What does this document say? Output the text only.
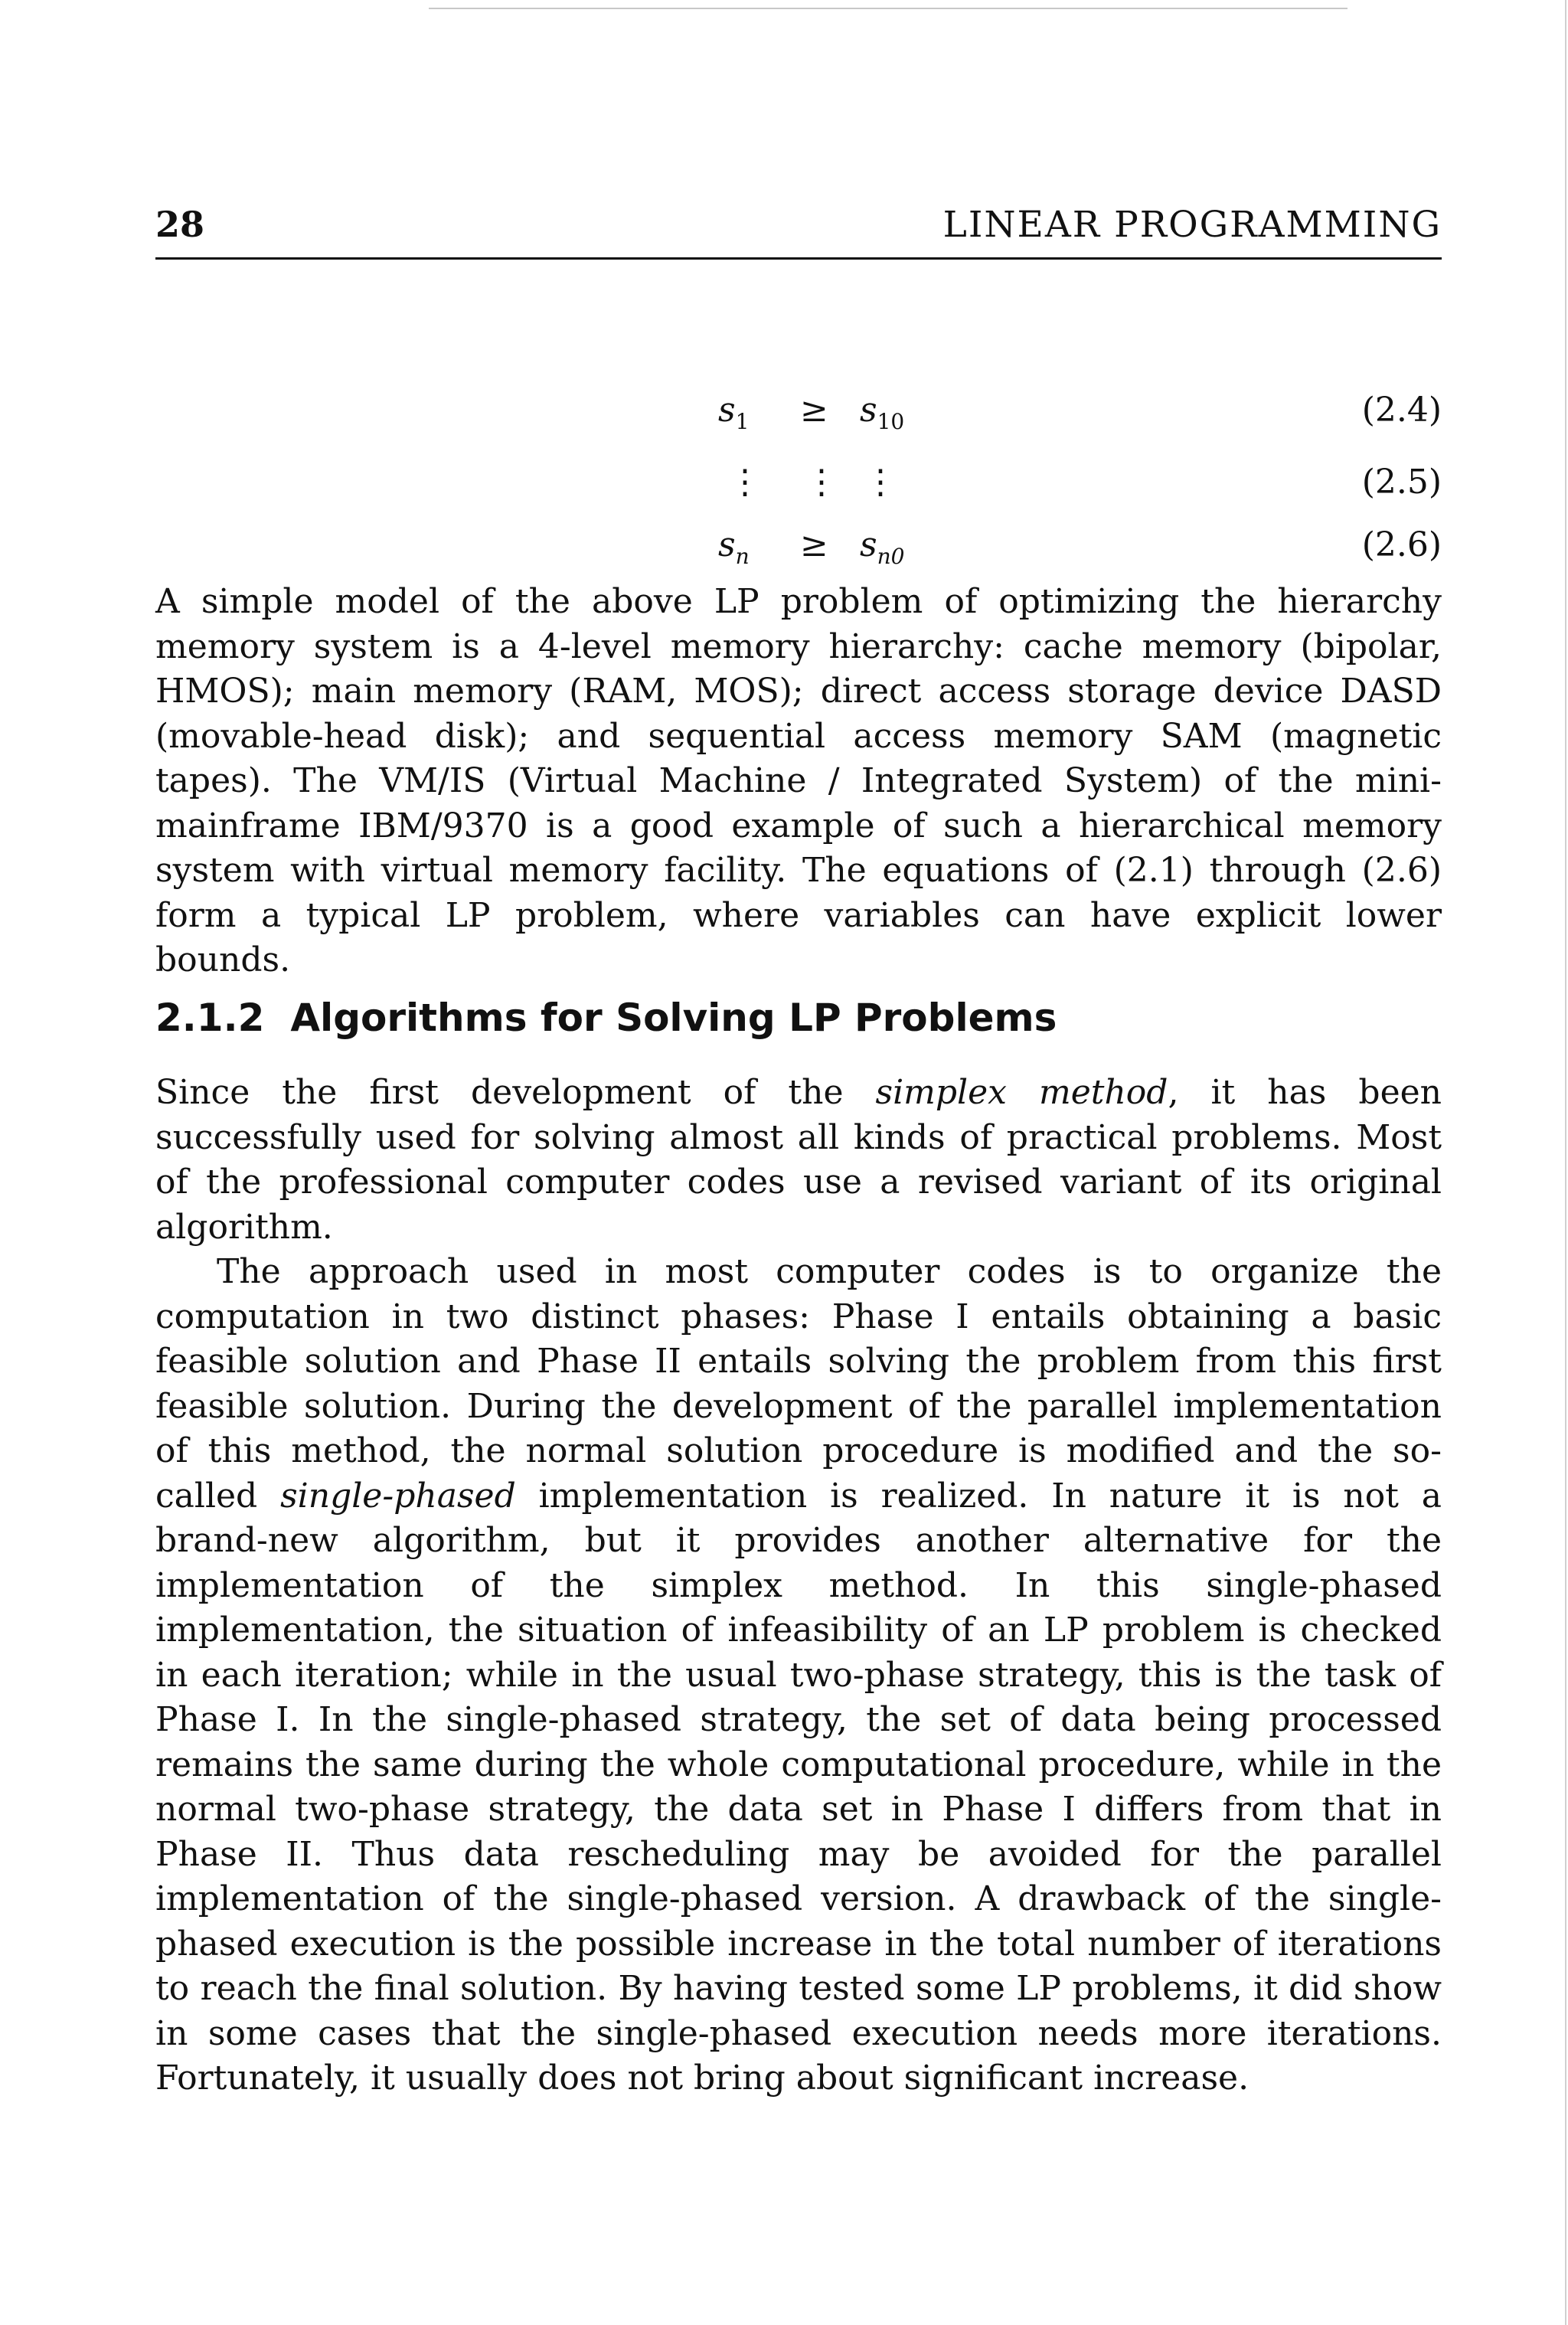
28	LINEAR PROGRAMMING
$s_1 \ge s_{10}$	(2.4)
⋮ ⋮ ⋮	(2.5)
$s_n \ge s_{n0}$	(2.6)

A simple model of the above LP problem of optimizing the hierarchy memory system is a 4-level memory hierarchy: cache memory (bipolar, HMOS); main memory (RAM, MOS); direct access storage device DASD (movable-head disk); and sequential access memory SAM (magnetic tapes). The VM/IS (Virtual Machine / Integrated System) of the mini-mainframe IBM/9370 is a good example of such a hierarchical memory system with virtual memory facility. The equations of (2.1) through (2.6) form a typical LP problem, where variables can have explicit lower bounds.

2.1.2 Algorithms for Solving LP Problems

Since the first development of the simplex method, it has been successfully used for solving almost all kinds of practical problems. Most of the professional computer codes use a revised variant of its original algorithm.

The approach used in most computer codes is to organize the computation in two distinct phases: Phase I entails obtaining a basic feasible solution and Phase II entails solving the problem from this first feasible solution. During the development of the parallel implementation of this method, the normal solution procedure is modified and the so-called single-phased implementation is realized. In nature it is not a brand-new algorithm, but it provides another alternative for the implementation of the simplex method. In this single-phased implementation, the situation of infeasibility of an LP problem is checked in each iteration; while in the usual two-phase strategy, this is the task of Phase I. In the single-phased strategy, the set of data being processed remains the same during the whole computational procedure, while in the normal two-phase strategy, the data set in Phase I differs from that in Phase II. Thus data rescheduling may be avoided for the parallel implementation of the single-phased version. A drawback of the single-phased execution is the possible increase in the total number of iterations to reach the final solution. By having tested some LP problems, it did show in some cases that the single-phased execution needs more iterations. Fortunately, it usually does not bring about significant increase.
